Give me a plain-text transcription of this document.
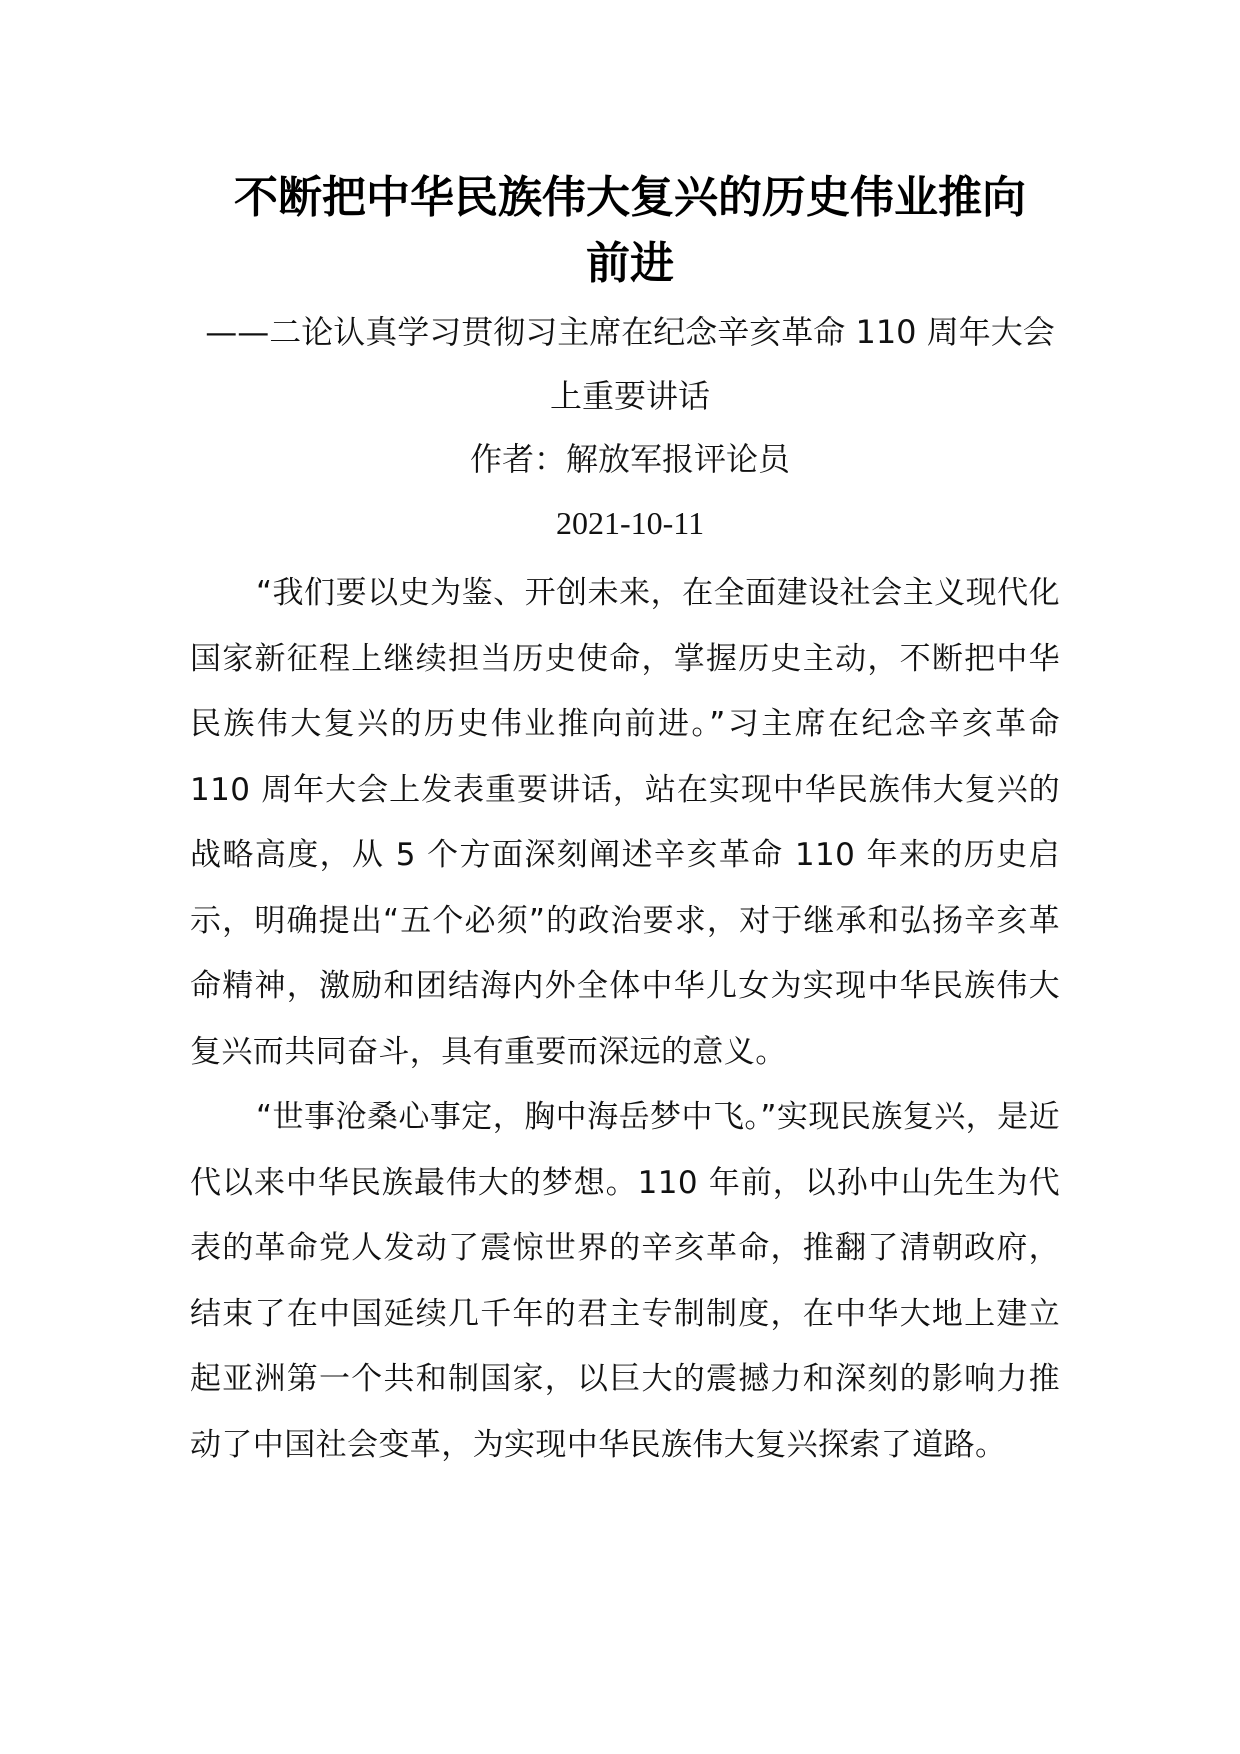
不断把中华民族伟大复兴的历史伟业推向
前进
——二论认真学习贯彻习主席在纪念辛亥革命 110 周年大会
上重要讲话
作者：解放军报评论员
2021-10-11

“我们要以史为鉴、开创未来，在全面建设社会主义现代化国家新征程上继续担当历史使命，掌握历史主动，不断把中华民族伟大复兴的历史伟业推向前进。”习主席在纪念辛亥革命 110 周年大会上发表重要讲话，站在实现中华民族伟大复兴的战略高度，从 5 个方面深刻阐述辛亥革命 110 年来的历史启示，明确提出“五个必须”的政治要求，对于继承和弘扬辛亥革命精神，激励和团结海内外全体中华儿女为实现中华民族伟大复兴而共同奋斗，具有重要而深远的意义。

“世事沧桑心事定，胸中海岳梦中飞。”实现民族复兴，是近代以来中华民族最伟大的梦想。110 年前，以孙中山先生为代表的革命党人发动了震惊世界的辛亥革命，推翻了清朝政府，结束了在中国延续几千年的君主专制制度，在中华大地上建立起亚洲第一个共和制国家，以巨大的震撼力和深刻的影响力推动了中国社会变革，为实现中华民族伟大复兴探索了道路。
